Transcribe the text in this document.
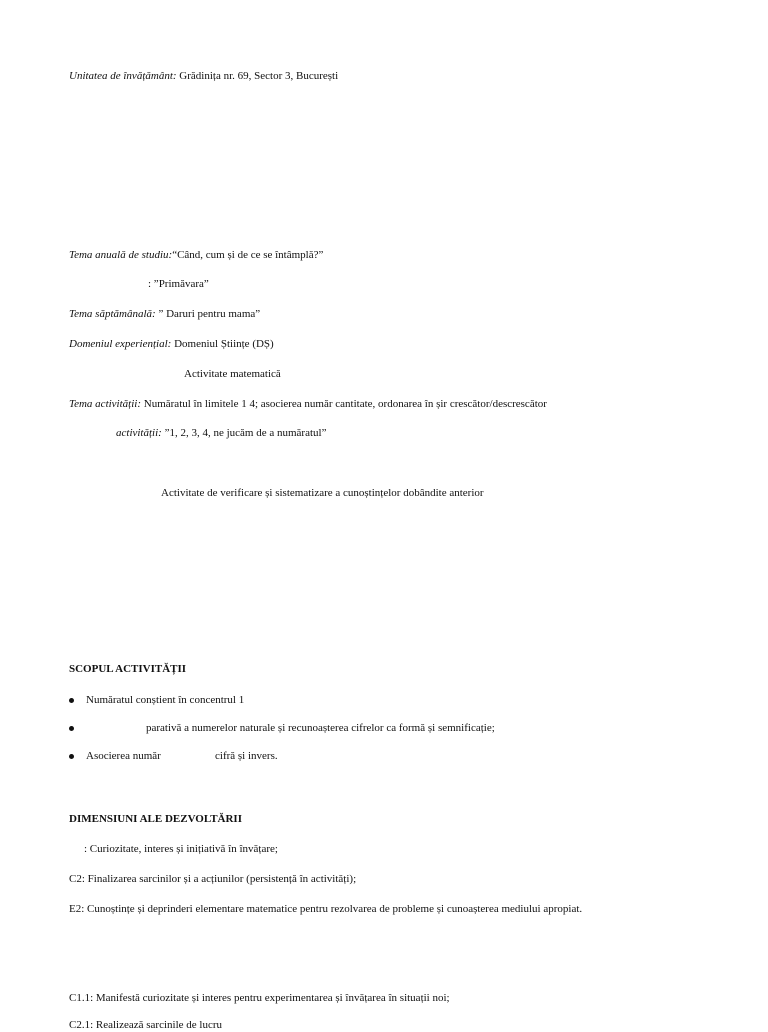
Unitatea de învățământ: Grădinița nr. 69, Sector 3, București
Tema anuală de studiu:“Când, cum și de ce se întâmplă?”
: ”Primăvara”
Tema săptămânală: ” Daruri pentru mama”
Domeniul experiențial: Domeniul Științe (DȘ)
Activitate matematică
Tema activității: Număratul în limitele 1 4; asocierea număr cantitate, ordonarea în șir crescător/descrescător
activității: ”1, 2, 3, 4, ne jucăm de a număratul”
Activitate de verificare și sistematizare a cunoștințelor dobândite anterior
SCOPUL ACTIVITĂȚII
Număratul conștient în concentrul 1
parativă a numerelor naturale și recunoașterea cifrelor ca formă și semnificație;
Asocierea număr	cifră și invers.
DIMENSIUNI ALE DEZVOLTĂRII
: Curiozitate, interes și inițiativă în învățare;
C2: Finalizarea sarcinilor și a acțiunilor (persistență în activități);
E2: Cunoștințe și deprinderi elementare matematice pentru rezolvarea de probleme și cunoașterea mediului apropiat.
C1.1: Manifestă curiozitate și interes pentru experimentarea și învățarea în situații noi;
C2.1: Realizează sarcinile de lucru
